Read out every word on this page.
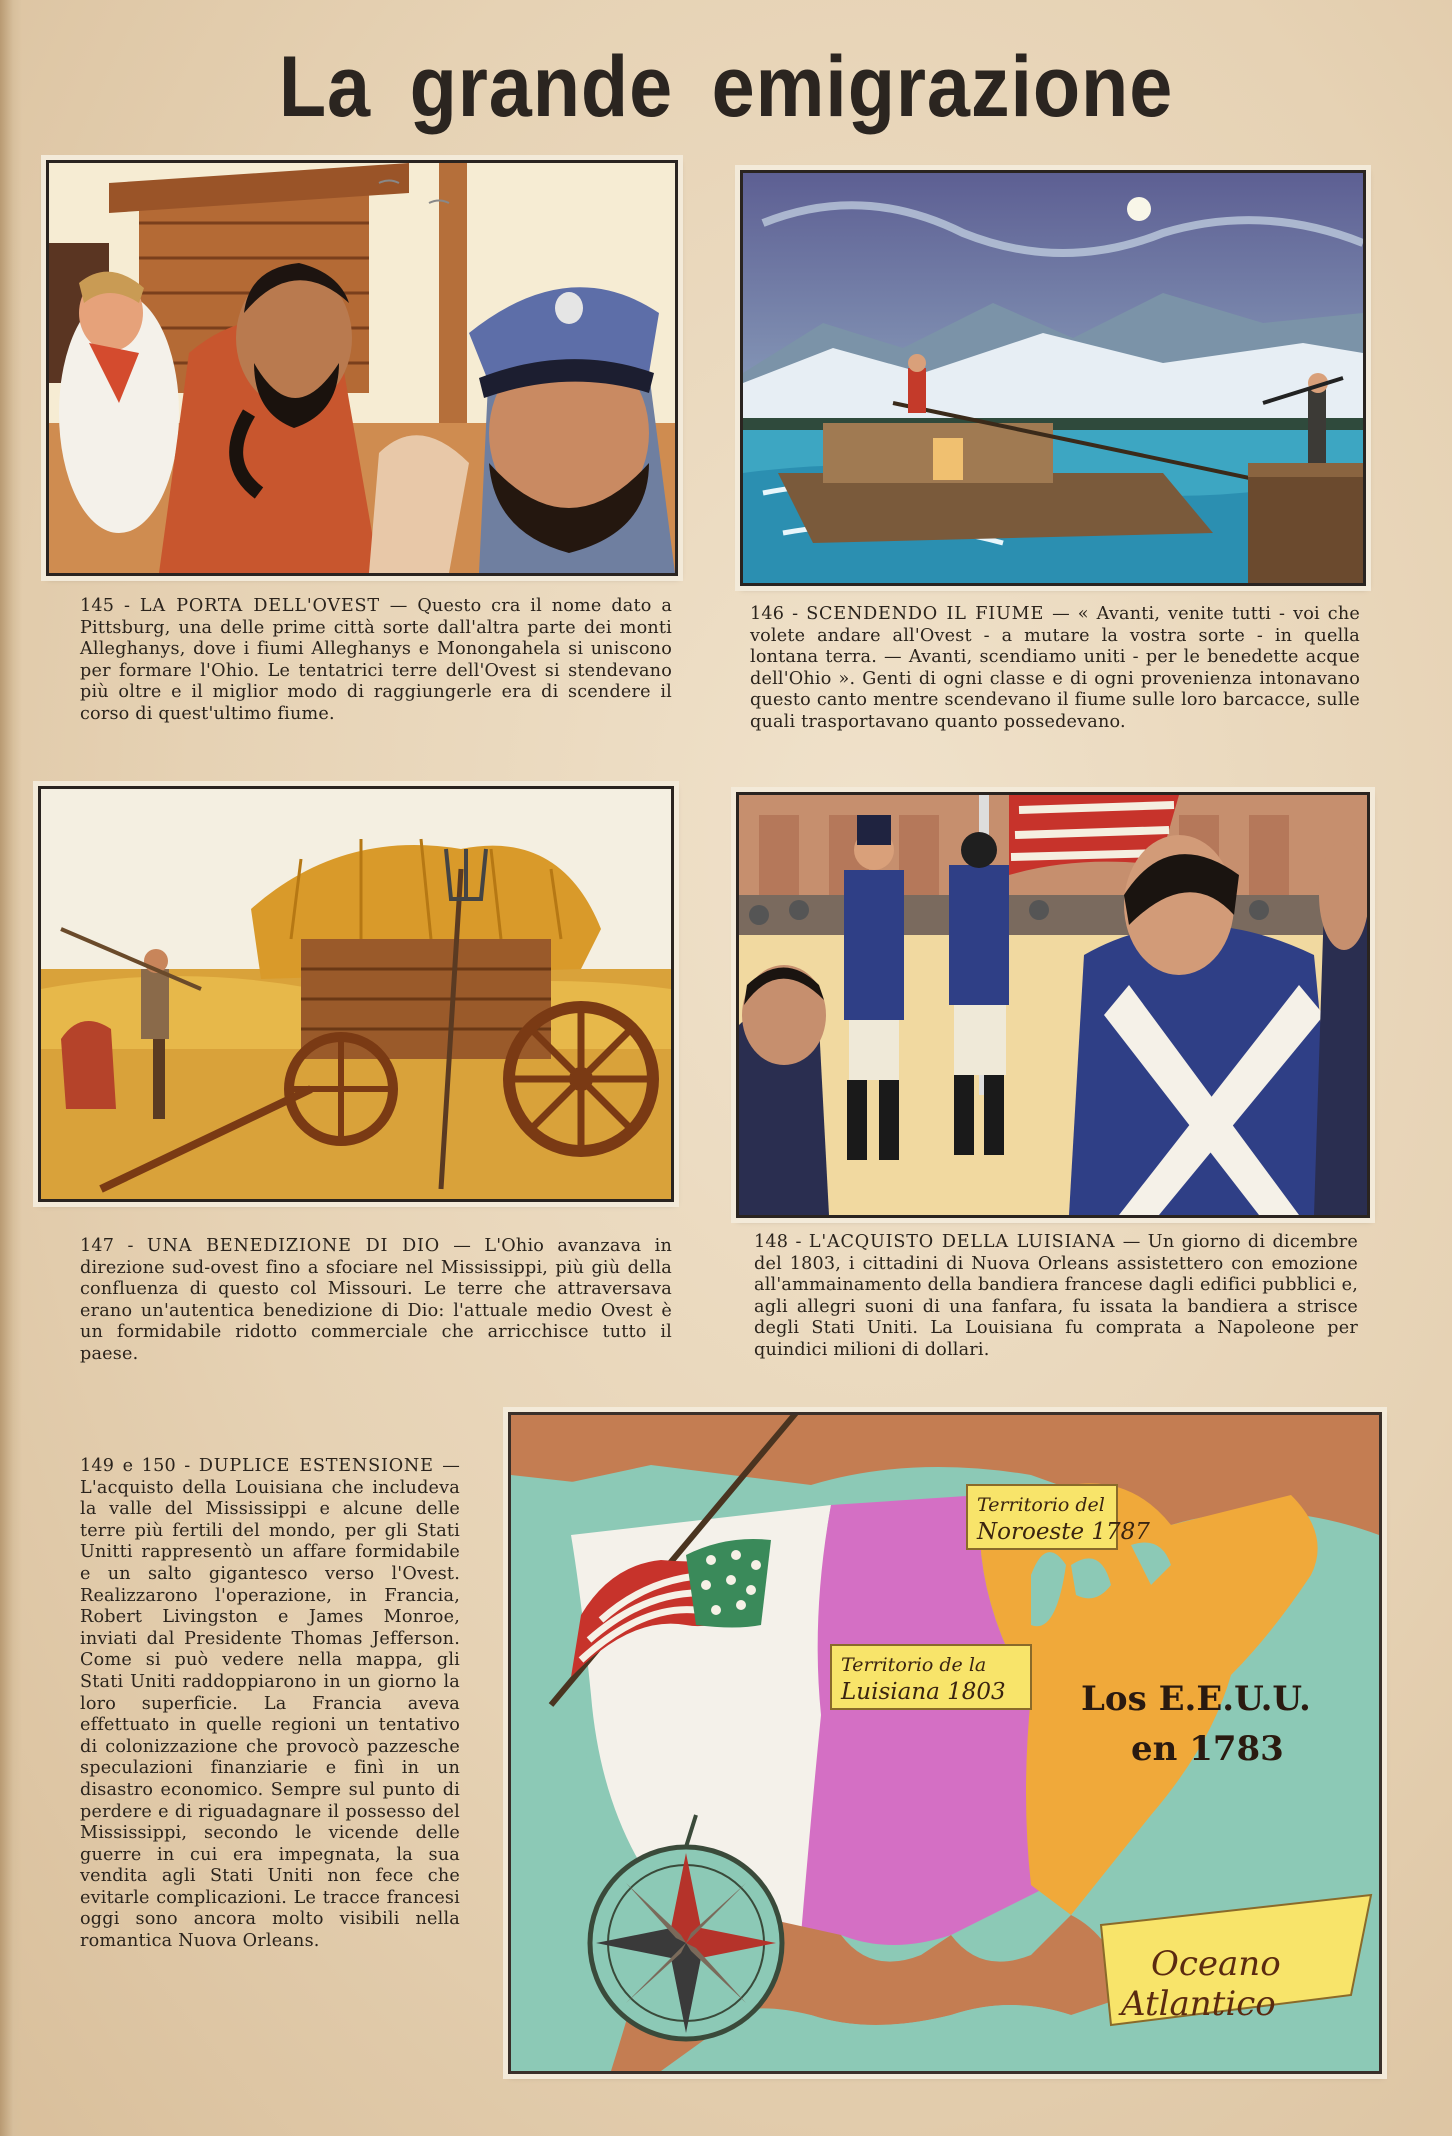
La grande emigrazione
145 - LA PORTA DELL'OVEST — Questo cra il nome dato a Pittsburg, una delle prime città sorte dall'altra parte dei monti Alleghanys, dove i fiumi Alleghanys e Monongahela si uniscono per formare l'Ohio. Le tentatrici terre dell'Ovest si stendevano più oltre e il miglior modo di raggiungerle era di scendere il corso di quest'ultimo fiume.
146 - SCENDENDO IL FIUME — « Avanti, venite tutti - voi che volete andare all'Ovest - a mutare la vostra sorte - in quella lontana terra. — Avanti, scendiamo uniti - per le benedette acque dell'Ohio ». Genti di ogni classe e di ogni provenienza intonavano questo canto mentre scendevano il fiume sulle loro barcacce, sulle quali trasportavano quanto possedevano.
147 - UNA BENEDIZIONE DI DIO — L'Ohio avanzava in direzione sud-ovest fino a sfociare nel Mississippi, più giù della confluenza di questo col Missouri. Le terre che attraversava erano un'autentica benedizione di Dio: l'attuale medio Ovest è un formidabile ridotto commerciale che arricchisce tutto il paese.
148 - L'ACQUISTO DELLA LUISIANA — Un giorno di dicembre del 1803, i cittadini di Nuova Orleans assistettero con emozione all'ammainamento della bandiera francese dagli edifici pubblici e, agli allegri suoni di una fanfara, fu issata la bandiera a strisce degli Stati Uniti. La Louisiana fu comprata a Napoleone per quindici milioni di dollari.
149 e 150 - DUPLICE ESTENSIONE — L'acquisto della Louisiana che includeva la valle del Mississippi e alcune delle terre più fertili del mondo, per gli Stati Unitti rappresentò un affare formidabile e un salto gigantesco verso l'Ovest. Realizzarono l'operazione, in Francia, Robert Livingston e James Monroe, inviati dal Presidente Thomas Jefferson. Come si può vedere nella mappa, gli Stati Uniti raddoppiarono in un giorno la loro superficie. La Francia aveva effettuato in quelle regioni un tentativo di colonizzazione che provocò pazzesche speculazioni finanziarie e finì in un disastro economico. Sempre sul punto di perdere e di riguadagnare il possesso del Mississippi, secondo le vicende delle guerre in cui era impegnata, la sua vendita agli Stati Uniti non fece che evitarle complicazioni. Le tracce francesi oggi sono ancora molto visibili nella romantica Nuova Orleans.
Territorio del
Noroeste 1787
Territorio de la
Luisiana 1803 Los E.E.U.U.
en 1783
Oceano
Atlantico
